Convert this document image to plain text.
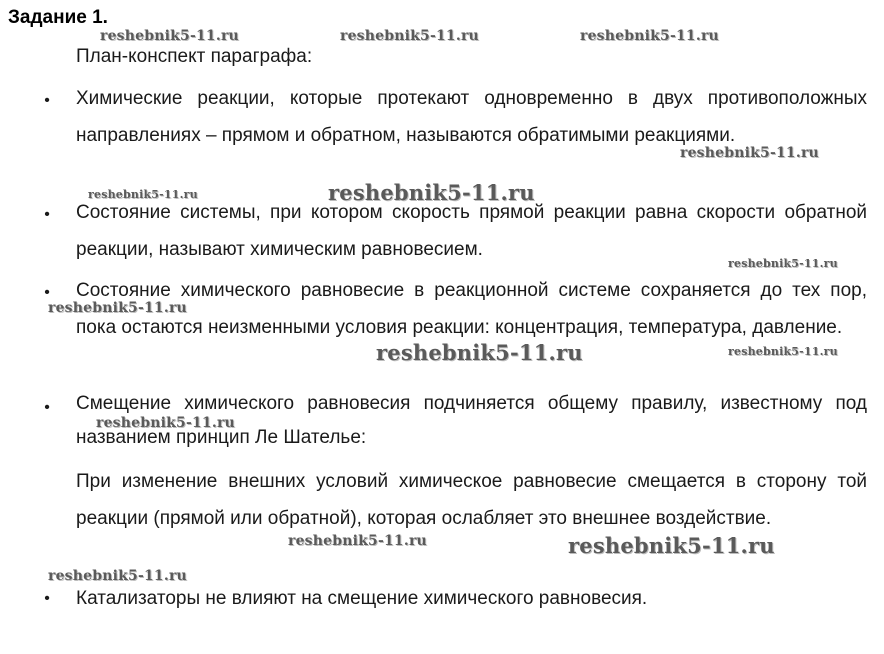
Задание 1.
План-конспект параграфа:
• Химические реакции, которые протекают одновременно в двух противоположных направлениях – прямом и обратном, называются обратимыми реакциями.
• Состояние системы, при котором скорость прямой реакции равна скорости обратной реакции, называют химическим равновесием.
• Состояние химического равновесие в реакционной системе сохраняется до тех пор, пока остаются неизменными условия реакции: концентрация, температура, давление.
• Смещение химического равновесия подчиняется общему правилу, известному под названием принцип Ле Шателье:
При изменение внешних условий химическое равновесие смещается в сторону той реакции (прямой или обратной), которая ослабляет это внешнее воздействие.
• Катализаторы не влияют на смещение химического равновесия.
reshebnik5-11.ru	reshebnik5-11.ru	reshebnik5-11.ru
reshebnik5-11.ru
reshebnik5-11.ru	reshebnik5-11.ru
reshebnik5-11.ru
reshebnik5-11.ru
reshebnik5-11.ru	reshebnik5-11.ru
reshebnik5-11.ru
reshebnik5-11.ru	reshebnik5-11.ru
reshebnik5-11.ru
